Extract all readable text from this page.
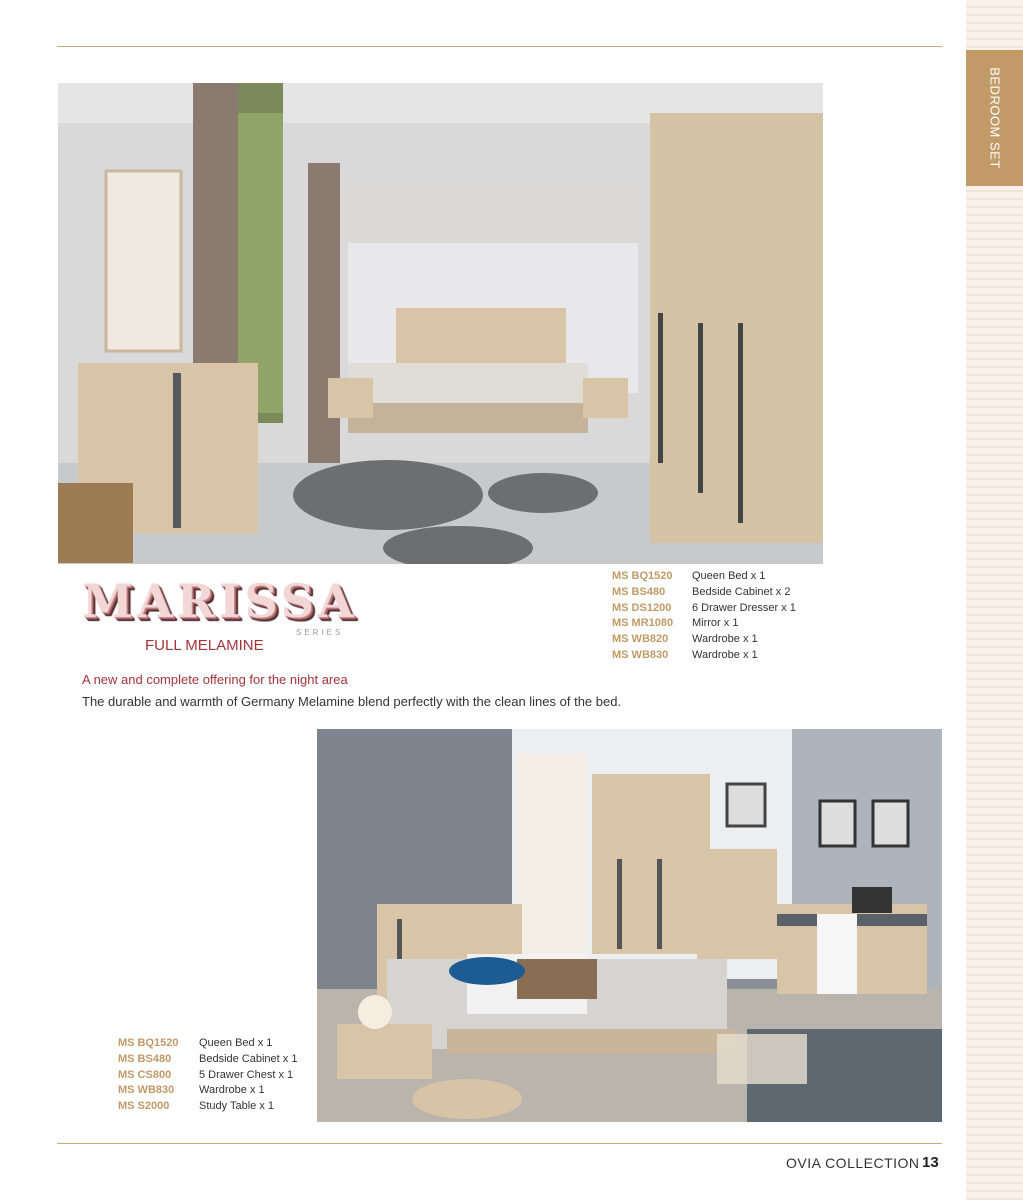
BEDROOM SET
MARISSA
SERIES
FULL MELAMINE
MS BQ1520	Queen Bed x 1
MS BS480	Bedside Cabinet x 2
MS DS1200	6 Drawer Dresser x 1
MS MR1080	Mirror x 1
MS WB820	Wardrobe x 1
MS WB830	Wardrobe x 1
A new and complete offering for the night area
The durable and warmth of Germany Melamine blend perfectly with the clean lines of the bed.
MS BQ1520	Queen Bed x 1
MS BS480	Bedside Cabinet x 1
MS CS800	5 Drawer Chest x 1
MS WB830	Wardrobe x 1
MS S2000	Study Table x 1
OVIA COLLECTION 13
